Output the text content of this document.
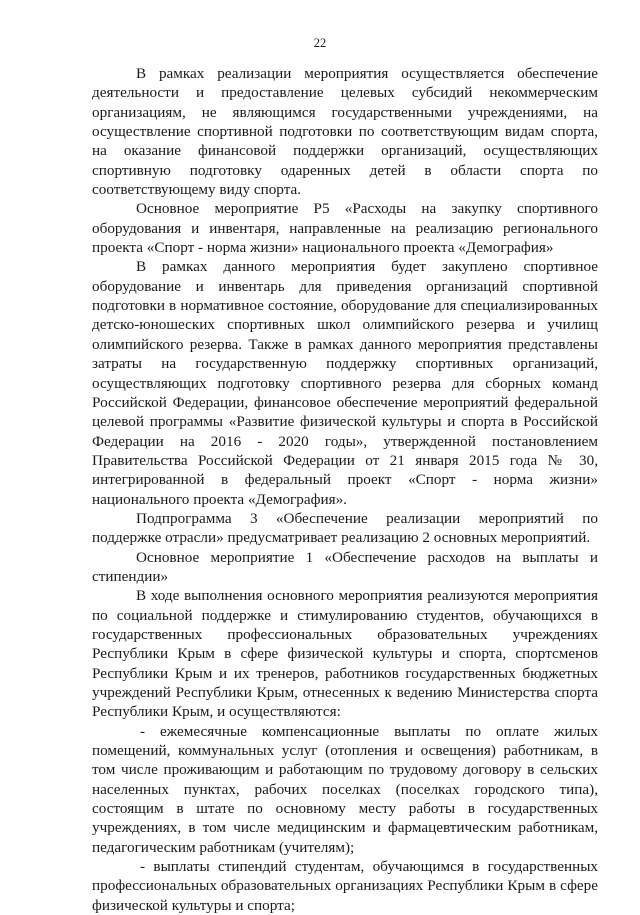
22

В рамках реализации мероприятия осуществляется обеспечение деятельности и предоставление целевых субсидий некоммерческим организациям, не являющимся государственными учреждениями, на осуществление спортивной подготовки по соответствующим видам спорта, на оказание финансовой поддержки организаций, осуществляющих спортивную подготовку одаренных детей в области спорта по соответствующему виду спорта.

Основное мероприятие Р5 «Расходы на закупку спортивного оборудования и инвентаря, направленные на реализацию регионального проекта «Спорт - норма жизни» национального проекта «Демография»

В рамках данного мероприятия будет закуплено спортивное оборудование и инвентарь для приведения организаций спортивной подготовки в нормативное состояние, оборудование для специализированных детско-юношеских спортивных школ олимпийского резерва и училищ олимпийского резерва. Также в рамках данного мероприятия представлены затраты на государственную поддержку спортивных организаций, осуществляющих подготовку спортивного резерва для сборных команд Российской Федерации, финансовое обеспечение мероприятий федеральной целевой программы «Развитие физической культуры и спорта в Российской Федерации на 2016 - 2020 годы», утвержденной постановлением Правительства Российской Федерации от 21 января 2015 года № 30, интегрированной в федеральный проект «Спорт - норма жизни» национального проекта «Демография».

Подпрограмма 3 «Обеспечение реализации мероприятий по поддержке отрасли» предусматривает реализацию 2 основных мероприятий.

Основное мероприятие 1 «Обеспечение расходов на выплаты и стипендии»

В ходе выполнения основного мероприятия реализуются мероприятия по социальной поддержке и стимулированию студентов, обучающихся в государственных профессиональных образовательных учреждениях Республики Крым в сфере физической культуры и спорта, спортсменов Республики Крым и их тренеров, работников государственных бюджетных учреждений Республики Крым, отнесенных к ведению Министерства спорта Республики Крым, и осуществляются:

- ежемесячные компенсационные выплаты по оплате жилых помещений, коммунальных услуг (отопления и освещения) работникам, в том числе проживающим и работающим по трудовому договору в сельских населенных пунктах, рабочих поселках (поселках городского типа), состоящим в штате по основному месту работы в государственных учреждениях, в том числе медицинским и фармацевтическим работникам, педагогическим работникам (учителям);

- выплаты стипендий студентам, обучающимся в государственных профессиональных образовательных организациях Республики Крым в сфере физической культуры и спорта;
